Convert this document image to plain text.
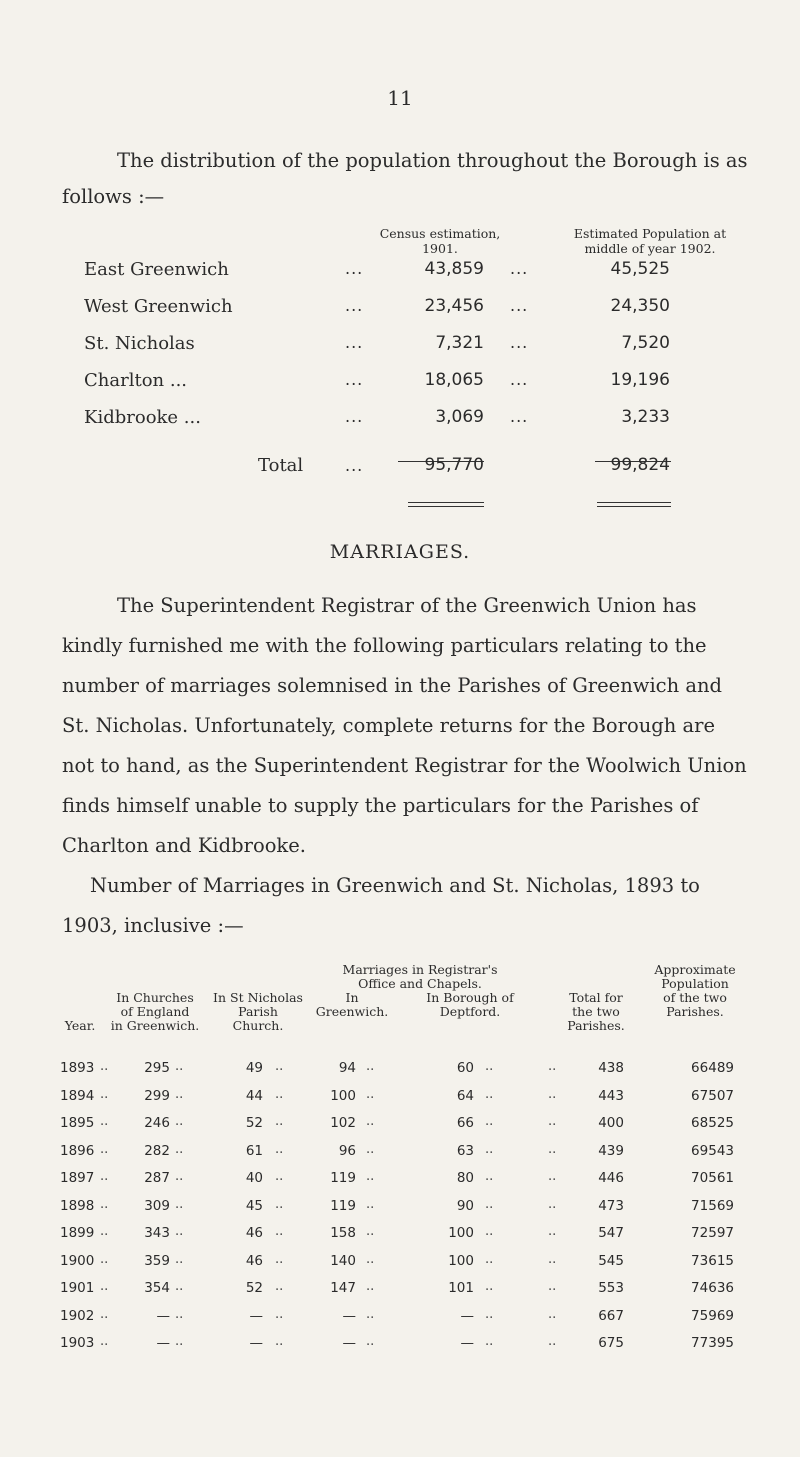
11
The distribution of the population throughout the Borough is as follows :—
Census estimation,
1901.
Estimated Population at
middle of year 1902.
East Greenwich	...	43,859 ...	45,525
West Greenwich	...	23,456 ...	24,350
St. Nicholas	...	7,321 ...	7,520
Charlton ...	...	18,065 ...	19,196
Kidbrooke ...	...	3,069 ...	3,233
Total	...	95,770	99,824
MARRIAGES.
The Superintendent Registrar of the Greenwich Union has kindly furnished me with the following particulars relating to the number of marriages solemnised in the Parishes of Greenwich and St. Nicholas. Unfortunately, complete returns for the Borough are not to hand, as the Superintendent Registrar for the Woolwich Union finds himself unable to supply the particulars for the Parishes of Charlton and Kidbrooke.
Number of Marriages in Greenwich and St. Nicholas, 1893 to 1903, inclusive :—
Year.
In Churches
of England
in Greenwich.
In St Nicholas
Parish
Church.
Marriages in Registrar's
Office and Chapels.
In
Greenwich.
In Borough of
Deptford.
Total for
the two
Parishes.
Approximate
Population
of the two
Parishes.
1893	295	49	94	60	438	66489
..	..	..	..	..	..
1894	299	44	100	64	443	67507
..	..	..	..	..	..
1895	246	52	102	66	400	68525
..	..	..	..	..	..
1896	282	61	96	63	439	69543
..	..	..	..	..	..
1897	287	40	119	80	446	70561
..	..	..	..	..	..
1898	309	45	119	90	473	71569
..	..	..	..	..	..
1899	343	46	158	100	547	72597
..	..	..	..	..	..
1900	359	46	140	100	545	73615
..	..	..	..	..	..
1901	354	52	147	101	553	74636
..	..	..	..	..	..
1902	—	—	—	—	667	75969
..	..	..	..	..	..
1903	—	—	—	—	675	77395
..	..	..	..	..	..
